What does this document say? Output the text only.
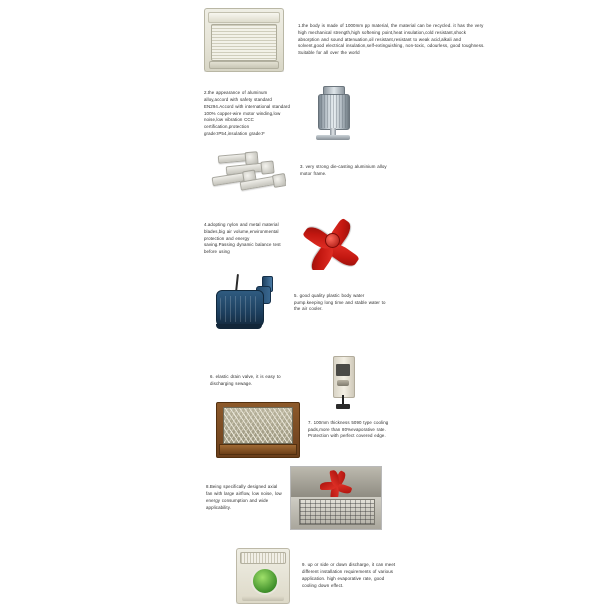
1.the body is made of 1000mm pp material, the material can be recycled. it has the very high mechanical strength,high softening point,heat insulation,cold resistant,shock absorption and sound attenuation,oil resistant,resistant to weak acid,alkali and solvent,good electrical insulation,self-extinguishing, non-toxic, odourless, good toughness. Suitable for all over the world
2.the appearance of aluminum alloy,accord with safety standard EN294.Accord with international standard 100% copper-wire motor winding,low noise,low vibration CCC certification,protection grade:IP54,insulation grade:F
3. very strong die-casting aluminium alloy motor frame.
4.adopting nylon and metal material blades,big air volume,environmental protection and energy saving.Passing dynamic balance test before using
5. good quality plastic body water pump.keeping long time and stable water to the air cooler.
6. elastic drain valve, it is easy to discharging sewage.
7. 100mm thickness 5090 type cooling pads,more than 80%evaporative rate. Protection with perfect covered edge.
8.Being specifically designed axial fan with large airflow, low noise, low energy consumption and wide applicability.
9. up or side or down discharge, it can meet different installation requirements of various application. high evaporative rate, good cooling down effect.
